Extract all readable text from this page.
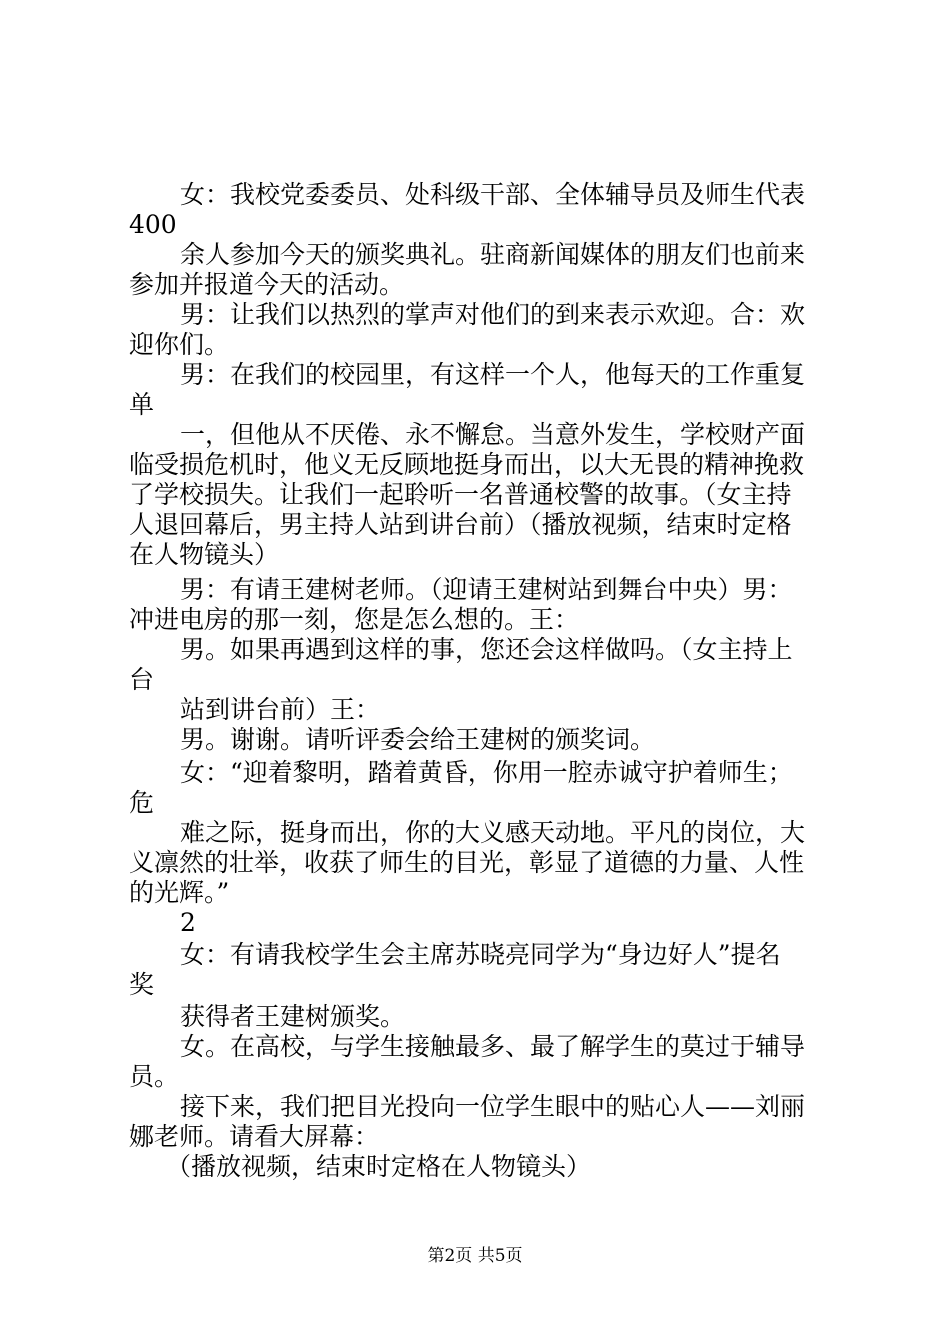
女：我校党委委员、处科级干部、全体辅导员及师生代表
400
余人参加今天的颁奖典礼。驻商新闻媒体的朋友们也前来
参加并报道今天的活动。
男：让我们以热烈的掌声对他们的到来表示欢迎。合：欢
迎你们。
男：在我们的校园里，有这样一个人，他每天的工作重复
单
一，但他从不厌倦、永不懈怠。当意外发生，学校财产面
临受损危机时，他义无反顾地挺身而出，以大无畏的精神挽救
了学校损失。让我们一起聆听一名普通校警的故事。（女主持
人退回幕后，男主持人站到讲台前）（播放视频，结束时定格
在人物镜头）
男：有请王建树老师。（迎请王建树站到舞台中央）男：
冲进电房的那一刻，您是怎么想的。王：
男。如果再遇到这样的事，您还会这样做吗。（女主持上
台
站到讲台前）王：
男。谢谢。请听评委会给王建树的颁奖词。
女：“迎着黎明，踏着黄昏，你用一腔赤诚守护着师生；
危
难之际，挺身而出，你的大义感天动地。平凡的岗位，大
义凛然的壮举，收获了师生的目光，彰显了道德的力量、人性
的光辉。”
2
女：有请我校学生会主席苏晓亮同学为“身边好人”提名
奖
获得者王建树颁奖。
女。在高校，与学生接触最多、最了解学生的莫过于辅导
员。
接下来，我们把目光投向一位学生眼中的贴心人——刘丽
娜老师。请看大屏幕：
（播放视频，结束时定格在人物镜头）
第2页 共5页
